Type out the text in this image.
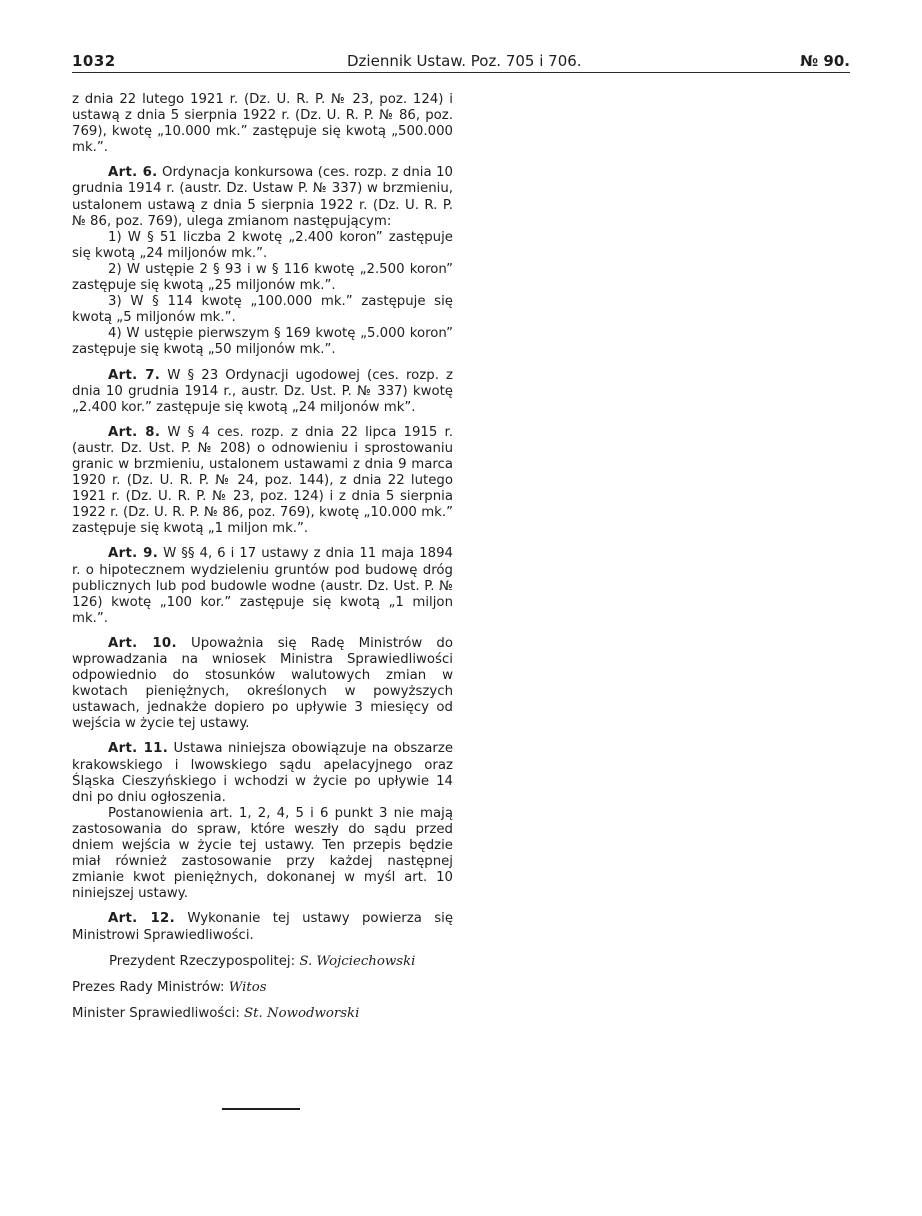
1032	Dziennik Ustaw. Poz. 705 i 706.	№ 90.

z dnia 22 lutego 1921 r. (Dz. U. R. P. № 23, poz. 124) i ustawą z dnia 5 sierpnia 1922 r. (Dz. U. R. P. № 86, poz. 769), kwotę „10.000 mk.” zastępuje się kwotą „500.000 mk.”.

Art. 6. Ordynacja konkursowa (ces. rozp. z dnia 10 grudnia 1914 r. (austr. Dz. Ustaw P. № 337) w brzmieniu, ustalonem ustawą z dnia 5 sierpnia 1922 r. (Dz. U. R. P. № 86, poz. 769), ulega zmianom następującym:

1) W § 51 liczba 2 kwotę „2.400 koron” zastępuje się kwotą „24 miljonów mk.”.

2) W ustępie 2 § 93 i w § 116 kwotę „2.500 koron” zastępuje się kwotą „25 miljonów mk.”.

3) W § 114 kwotę „100.000 mk.” zastępuje się kwotą „5 miljonów mk.”.

4) W ustępie pierwszym § 169 kwotę „5.000 koron” zastępuje się kwotą „50 miljonów mk.”.

Art. 7. W § 23 Ordynacji ugodowej (ces. rozp. z dnia 10 grudnia 1914 r., austr. Dz. Ust. P. № 337) kwotę „2.400 kor.” zastępuje się kwotą „24 miljonów mk”.

Art. 8. W § 4 ces. rozp. z dnia 22 lipca 1915 r. (austr. Dz. Ust. P. № 208) o odnowieniu i sprostowaniu granic w brzmieniu, ustalonem ustawami z dnia 9 marca 1920 r. (Dz. U. R. P. № 24, poz. 144), z dnia 22 lutego 1921 r. (Dz. U. R. P. № 23, poz. 124) i z dnia 5 sierpnia 1922 r. (Dz. U. R. P. № 86, poz. 769), kwotę „10.000 mk.” zastępuje się kwotą „1 miljon mk.”.

Art. 9. W §§ 4, 6 i 17 ustawy z dnia 11 maja 1894 r. o hipotecznem wydzieleniu gruntów pod budowę dróg publicznych lub pod budowle wodne (austr. Dz. Ust. P. № 126) kwotę „100 kor.” zastępuje się kwotą „1 miljon mk.”.

Art. 10. Upoważnia się Radę Ministrów do wprowadzania na wniosek Ministra Sprawiedliwości odpowiednio do stosunków walutowych zmian w kwotach pieniężnych, określonych w powyższych ustawach, jednakże dopiero po upływie 3 miesięcy od wejścia w życie tej ustawy.

Art. 11. Ustawa niniejsza obowiązuje na obszarze krakowskiego i lwowskiego sądu apelacyjnego oraz Śląska Cieszyńskiego i wchodzi w życie po upływie 14 dni po dniu ogłoszenia.

Postanowienia art. 1, 2, 4, 5 i 6 punkt 3 nie mają zastosowania do spraw, które weszły do sądu przed dniem wejścia w życie tej ustawy. Ten przepis będzie miał również zastosowanie przy każdej następnej zmianie kwot pieniężnych, dokonanej w myśl art. 10 niniejszej ustawy.

Art. 12. Wykonanie tej ustawy powierza się Ministrowi Sprawiedliwości.

Prezydent Rzeczypospolitej: S. Wojciechowski

Prezes Rady Ministrów: Witos

Minister Sprawiedliwości: St. Nowodworski
